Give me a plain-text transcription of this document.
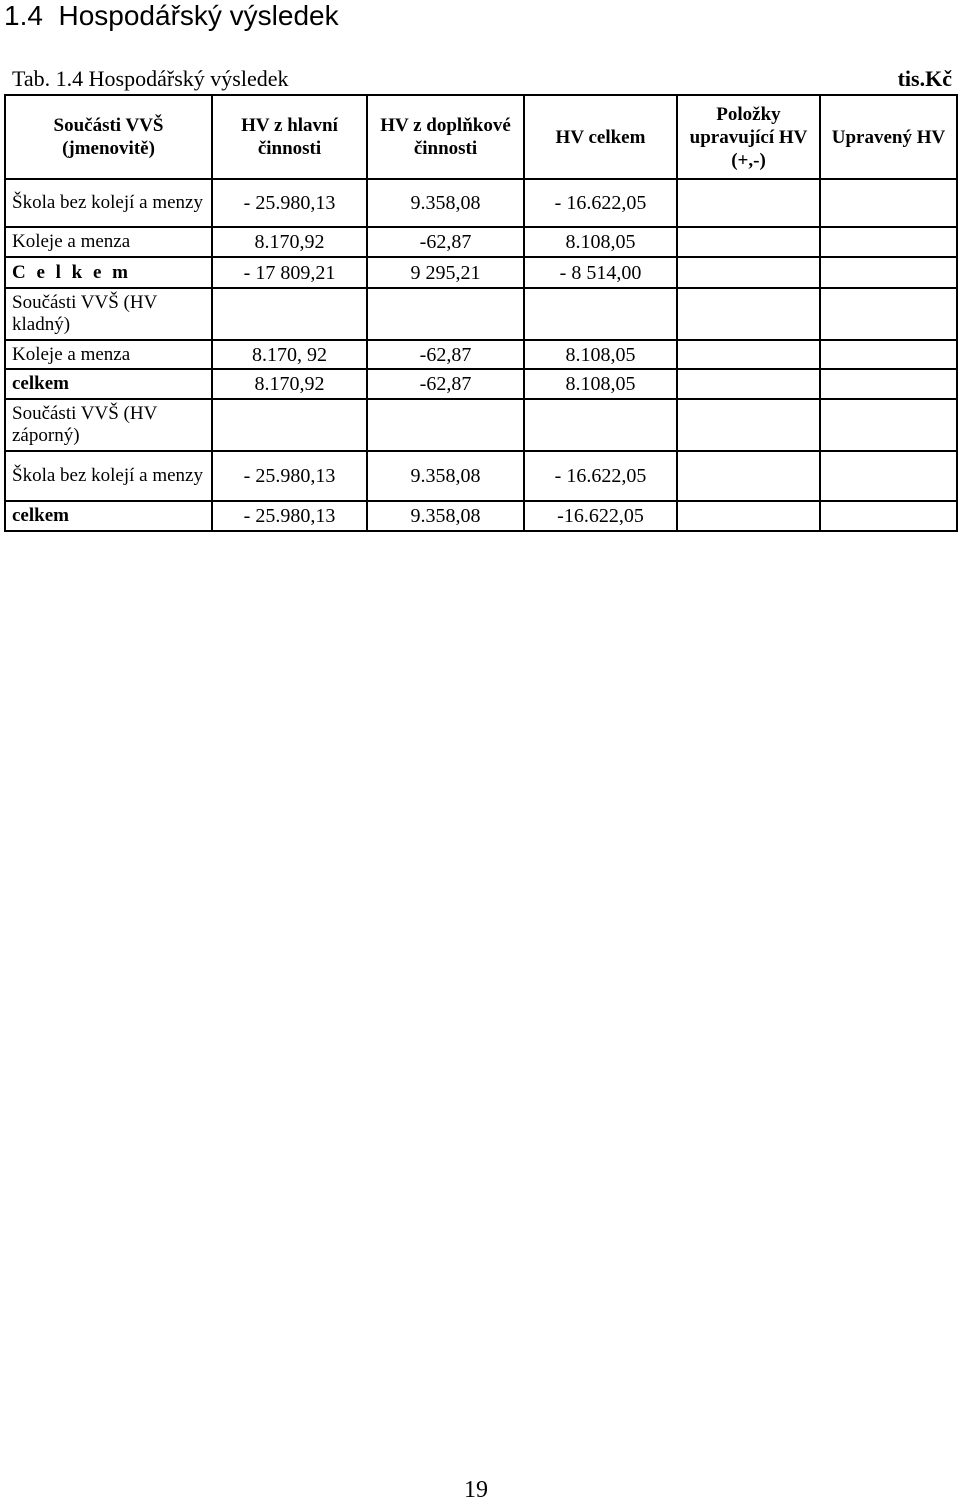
1.4  Hospodářský výsledek
Tab. 1.4 Hospodářský výsledek	tis.Kč
Součásti VVŠ (jmenovitě)	HV z hlavní činnosti	HV z doplňkové činnosti	HV celkem	Položky upravující HV (+,-)	Upravený HV
Škola bez kolejí a menzy	- 25.980,13	9.358,08	- 16.622,05		
Koleje a menza	8.170,92	-62,87	8.108,05		
C e l k e m	- 17 809,21	9 295,21	- 8 514,00		
Součásti VVŠ (HV kladný)					
Koleje a menza	8.170, 92	-62,87	8.108,05		
celkem	8.170,92	-62,87	8.108,05		
Součásti VVŠ (HV záporný)					
Škola bez kolejí a menzy	- 25.980,13	9.358,08	- 16.622,05		
celkem	- 25.980,13	9.358,08	-16.622,05		
19
